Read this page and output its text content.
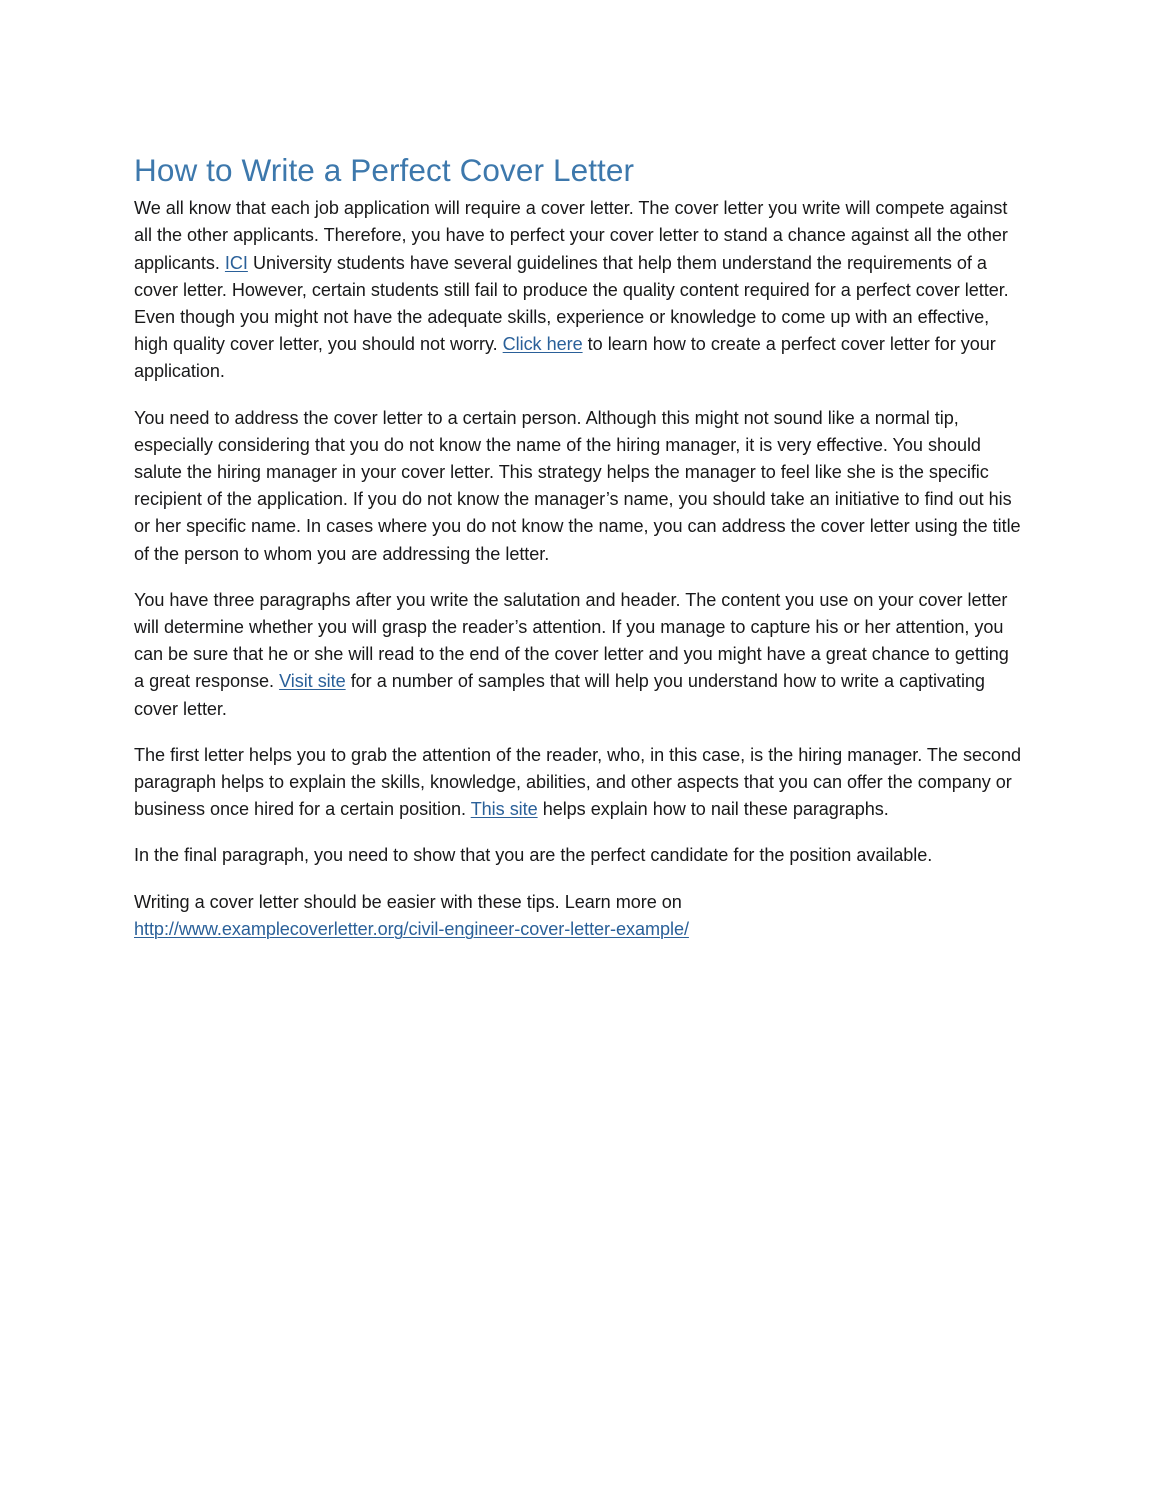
How to Write a Perfect Cover Letter

We all know that each job application will require a cover letter. The cover letter you write will compete against all the other applicants. Therefore, you have to perfect your cover letter to stand a chance against all the other applicants. ICI University students have several guidelines that help them understand the requirements of a cover letter. However, certain students still fail to produce the quality content required for a perfect cover letter. Even though you might not have the adequate skills, experience or knowledge to come up with an effective, high quality cover letter, you should not worry. Click here to learn how to create a perfect cover letter for your application.

You need to address the cover letter to a certain person. Although this might not sound like a normal tip, especially considering that you do not know the name of the hiring manager, it is very effective. You should salute the hiring manager in your cover letter. This strategy helps the manager to feel like she is the specific recipient of the application. If you do not know the manager’s name, you should take an initiative to find out his or her specific name. In cases where you do not know the name, you can address the cover letter using the title of the person to whom you are addressing the letter.

You have three paragraphs after you write the salutation and header. The content you use on your cover letter will determine whether you will grasp the reader’s attention. If you manage to capture his or her attention, you can be sure that he or she will read to the end of the cover letter and you might have a great chance to getting a great response. Visit site for a number of samples that will help you understand how to write a captivating cover letter.

The first letter helps you to grab the attention of the reader, who, in this case, is the hiring manager. The second paragraph helps to explain the skills, knowledge, abilities, and other aspects that you can offer the company or business once hired for a certain position. This site helps explain how to nail these paragraphs.

In the final paragraph, you need to show that you are the perfect candidate for the position available.

Writing a cover letter should be easier with these tips. Learn more on http://www.examplecoverletter.org/civil-engineer-cover-letter-example/
